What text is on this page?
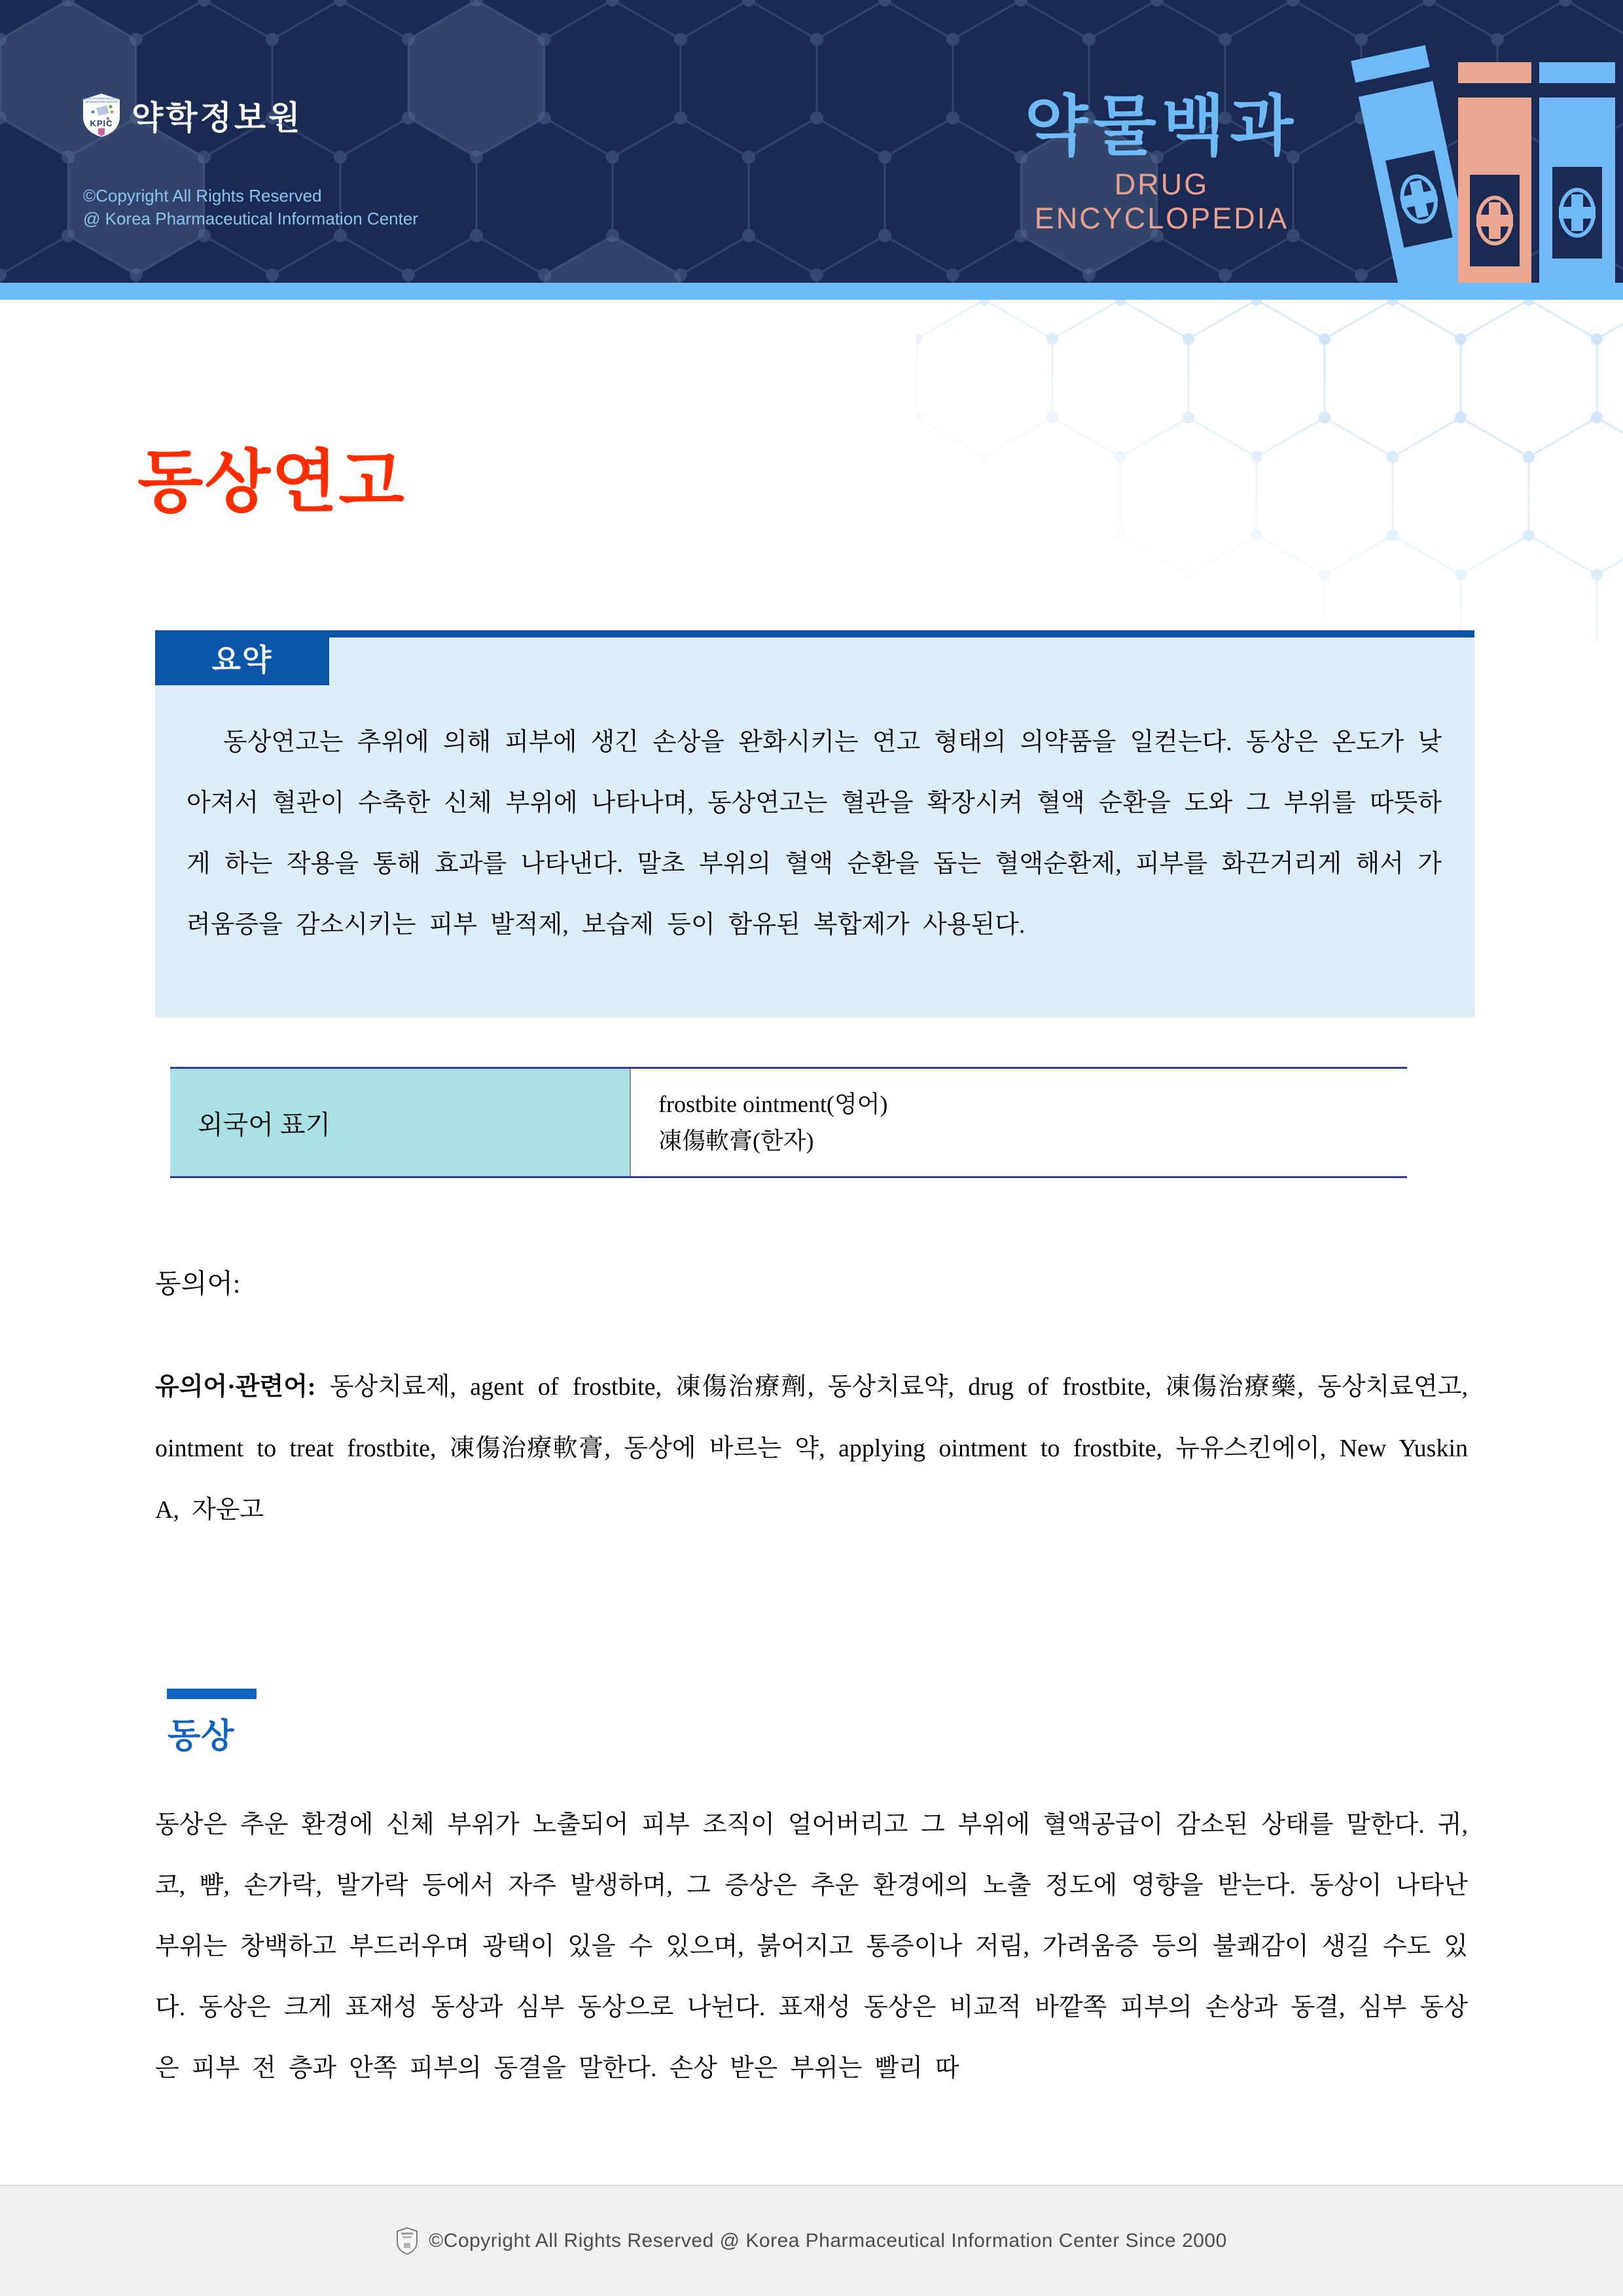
KOREA PHARMACEUTICAL
INFORMATION CENTER
KPIC 약학정보원
©Copyright All Rights Reserved
@ Korea Pharmaceutical Information Center
약물백과
DRUG ENCYCLOPEDIA
동상연고
요약
동상연고는 추위에 의해 피부에 생긴 손상을 완화시키는 연고 형태의 의약품을 일컫는다. 동상은 온도가 낮아져서 혈관이 수축한 신체 부위에 나타나며, 동상연고는 혈관을 확장시켜 혈액 순환을 도와 그 부위를 따뜻하게 하는 작용을 통해 효과를 나타낸다. 말초 부위의 혈액 순환을 돕는 혈액순환제, 피부를 화끈거리게 해서 가려움증을 감소시키는 피부 발적제, 보습제 등이 함유된 복합제가 사용된다.
외국어 표기
frostbite ointment(영어)
凍傷軟膏(한자)
동의어:
유의어·관련어: 동상치료제, agent of frostbite, 凍傷治療劑, 동상치료약, drug of frostbite, 凍傷治療藥, 동상치료연고, ointment to treat frostbite, 凍傷治療軟膏, 동상에 바르는 약, applying ointment to frostbite, 뉴유스킨에이, New Yuskin A, 자운고
동상
동상은 추운 환경에 신체 부위가 노출되어 피부 조직이 얼어버리고 그 부위에 혈액공급이 감소된 상태를 말한다. 귀, 코, 뺨, 손가락, 발가락 등에서 자주 발생하며, 그 증상은 추운 환경에의 노출 정도에 영향을 받는다. 동상이 나타난 부위는 창백하고 부드러우며 광택이 있을 수 있으며, 붉어지고 통증이나 저림, 가려움증 등의 불쾌감이 생길 수도 있다. 동상은 크게 표재성 동상과 심부 동상으로 나뉜다. 표재성 동상은 비교적 바깥쪽 피부의 손상과 동결, 심부 동상은 피부 전 층과 안쪽 피부의 동결을 말한다. 손상 받은 부위는 빨리 따
©Copyright All Rights Reserved @ Korea Pharmaceutical Information Center Since 2000
